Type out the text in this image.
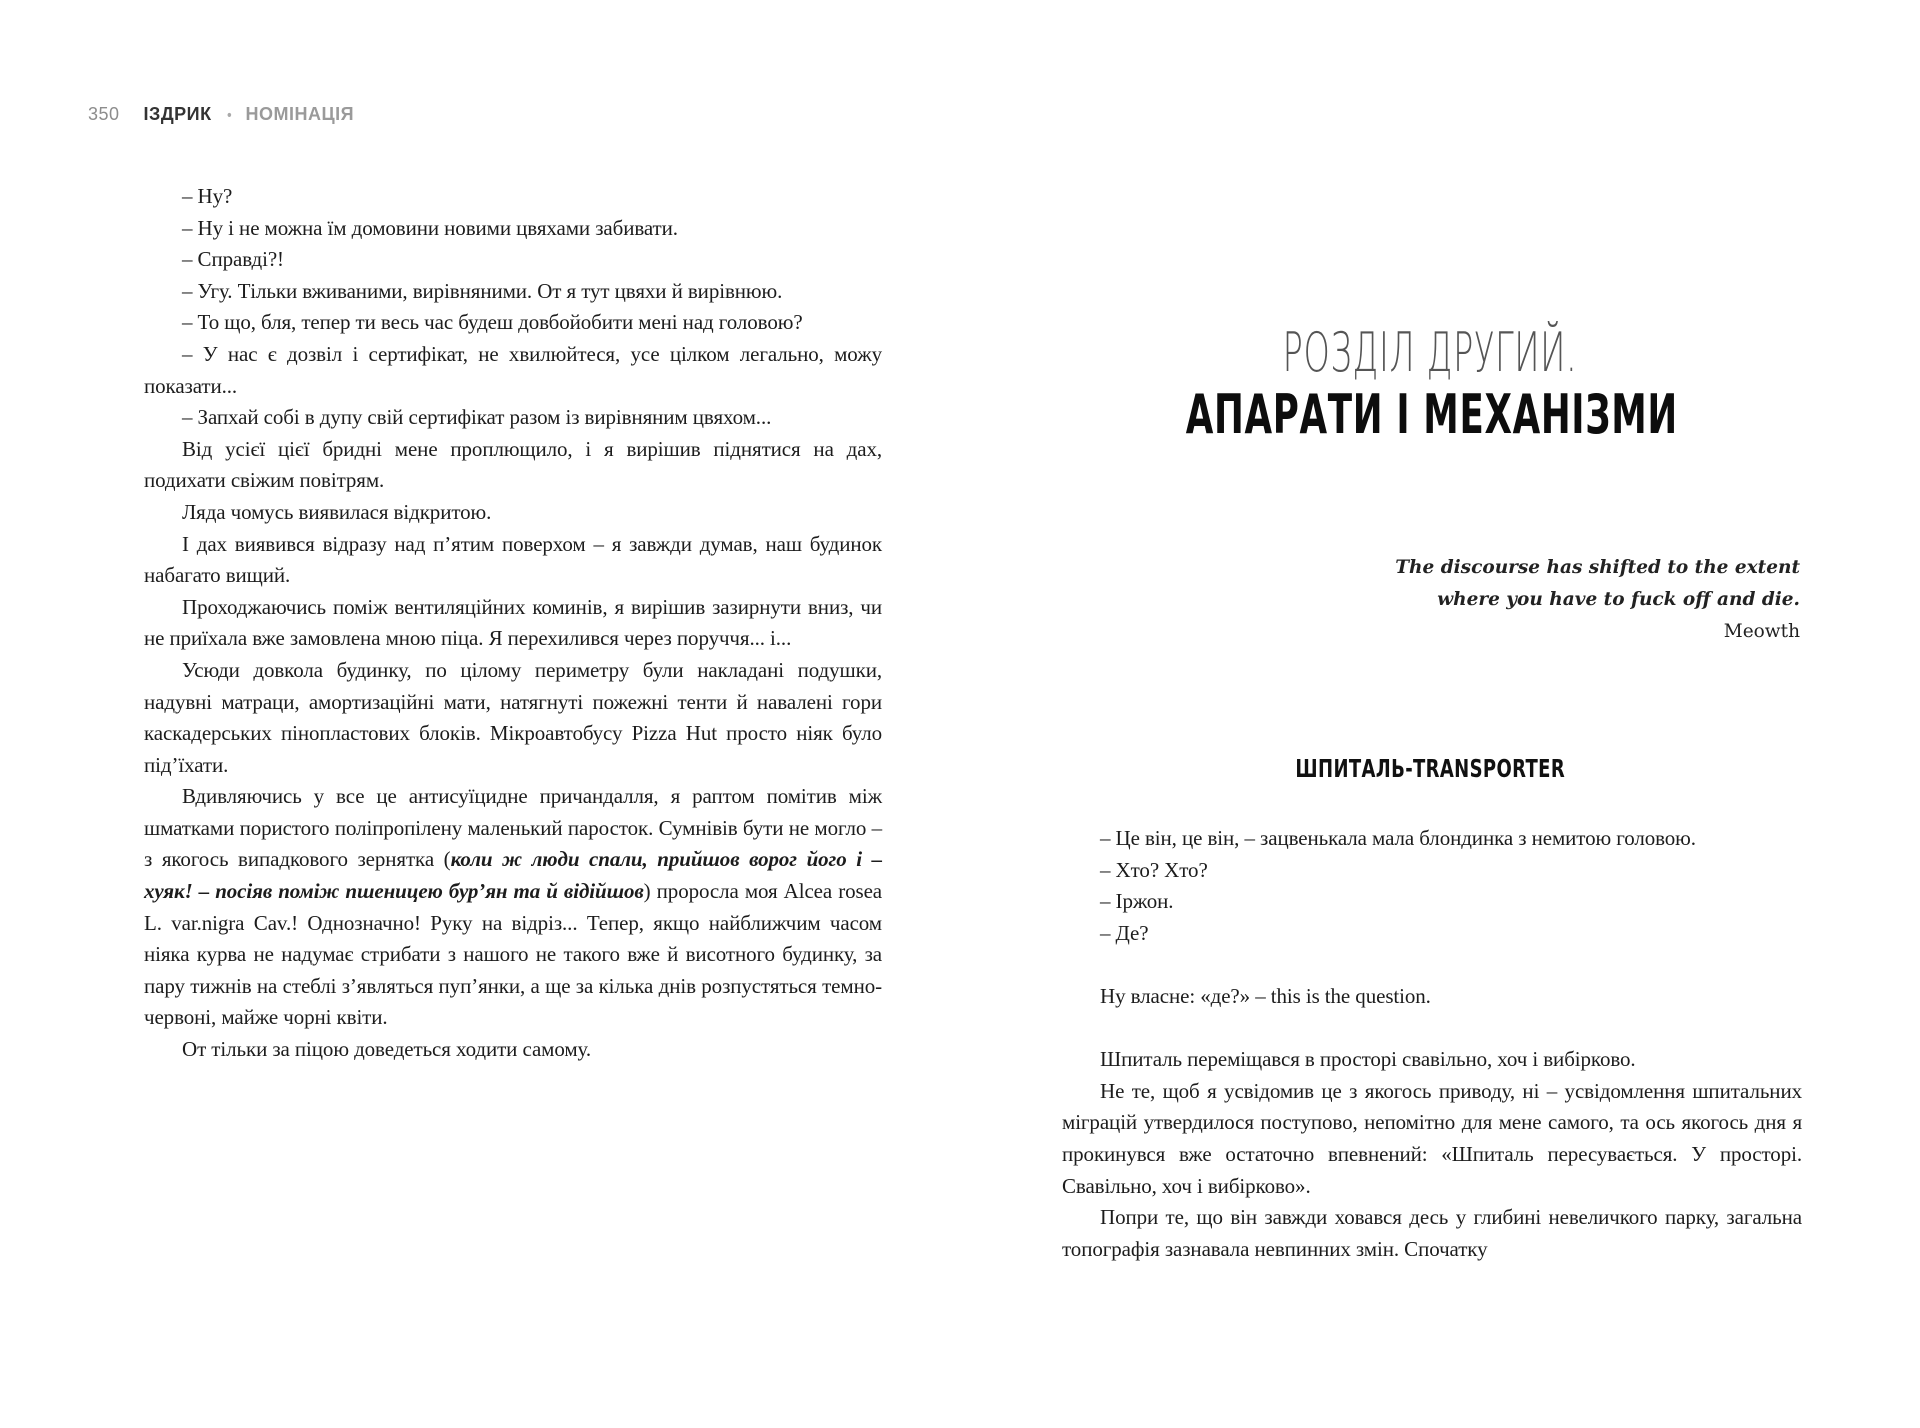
350 ІЗДРИК • НОМІНАЦІЯ

– Ну?

– Ну і не можна їм домовини новими цвяхами забивати.

– Справді?!

– Угу. Тільки вживаними, вирівняними. От я тут цвяхи й вирівнюю.

– То що, бля, тепер ти весь час будеш довбойобити мені над головою?

– У нас є дозвіл і сертифікат, не хвилюйтеся, усе цілком легально, можу показати...

– Запхай собі в дупу свій сертифікат разом із вирівняним цвяхом...

Від усієї цієї бридні мене проплющило, і я вирішив піднятися на дах, подихати свіжим повітрям.

Ляда чомусь виявилася відкритою.

І дах виявився відразу над п’ятим поверхом – я завжди думав, наш будинок набагато вищий.

Проходжаючись поміж вентиляційних коминів, я вирішив зазирнути вниз, чи не приїхала вже замовлена мною піца. Я перехилився через поруччя... і...

Усюди довкола будинку, по цілому периметру були накладані подушки, надувні матраци, амортизаційні мати, натягнуті пожежні тенти й навалені гори каскадерських пінопластових блоків. Мікроавтобусу Pizza Hut просто ніяк було під’їхати.

Вдивляючись у все це антисуїцидне причандалля, я раптом помітив між шматками пористого поліпропілену маленький паросток. Сумнівів бути не могло – з якогось випадкового зернятка (коли ж люди спали, прийшов ворог його і – хуяк! – посіяв поміж пшеницею бур’ян та й відійшов) проросла моя Alcea rosea L. var.nigra Cav.! Однозначно! Руку на відріз... Тепер, якщо найближчим часом ніяка курва не надумає стрибати з нашого не такого вже й висотного будинку, за пару тижнів на стеблі з’являться пуп’янки, а ще за кілька днів розпустяться темно-червоні, майже чорні квіти.

От тільки за піцою доведеться ходити самому.

РОЗДІЛ ДРУГИЙ.
АПАРАТИ І МЕХАНІЗМИ
The discourse has shifted to the extent
where you have to fuck off and die.
Meowth
ШПИТАЛЬ-TRANSPORTER

– Це він, це він, – зацвенькала мала блондинка з немитою головою.

– Хто? Хто?

– Іржон.

– Де?

Ну власне: «де?» – this is the question.

Шпиталь переміщався в просторі свавільно, хоч і вибірково.

Не те, щоб я усвідомив це з якогось приводу, ні – усвідомлення шпитальних міграцій утвердилося поступово, непомітно для мене самого, та ось якогось дня я прокинувся вже остаточно впевнений: «Шпиталь пересувається. У просторі. Свавільно, хоч і вибірково».

Попри те, що він завжди ховався десь у глибині невеличкого парку, загальна топографія зазнавала невпинних змін. Спочатку
